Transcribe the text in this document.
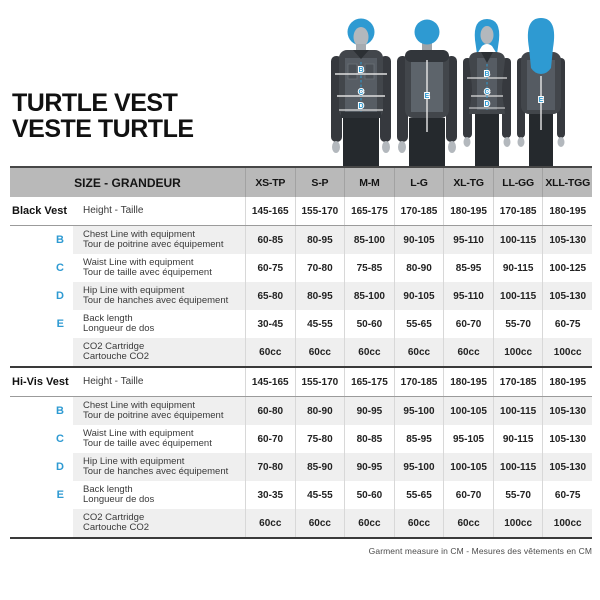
TURTLE VEST
VESTE TURTLE
B
C
D
E
B
C
D
E
SIZE - GRANDEUR	XS-TP	S-P	M-M	L-G	XL-TG	LL-GG	XLL-TGG
Black Vest	Height - Taille	145-165	155-170	165-175	170-185	180-195	170-185	180-195
B	Chest Line with equipment
Tour de poitrine avec équipement	60-85	80-95	85-100	90-105	95-110	100-115	105-130
C	Waist Line with equipment
Tour de taille avec équipement	60-75	70-80	75-85	80-90	85-95	90-115	100-125
D	Hip Line with equipment
Tour de hanches avec équipement	65-80	80-95	85-100	90-105	95-110	100-115	105-130
E	Back length
Longueur de dos	30-45	45-55	50-60	55-65	60-70	55-70	60-75
CO2 Cartridge
Cartouche CO2	60cc	60cc	60cc	60cc	60cc	100cc	100cc
Hi-Vis Vest	Height - Taille	145-165	155-170	165-175	170-185	180-195	170-185	180-195
B	Chest Line with equipment
Tour de poitrine avec équipement	60-80	80-90	90-95	95-100	100-105	100-115	105-130
C	Waist Line with equipment
Tour de taille avec équipement	60-70	75-80	80-85	85-95	95-105	90-115	105-130
D	Hip Line with equipment
Tour de hanches avec équipement	70-80	85-90	90-95	95-100	100-105	100-115	105-130
E	Back length
Longueur de dos	30-35	45-55	50-60	55-65	60-70	55-70	60-75
CO2 Cartridge
Cartouche CO2	60cc	60cc	60cc	60cc	60cc	100cc	100cc
Garment measure in CM - Mesures des vêtements en CM
